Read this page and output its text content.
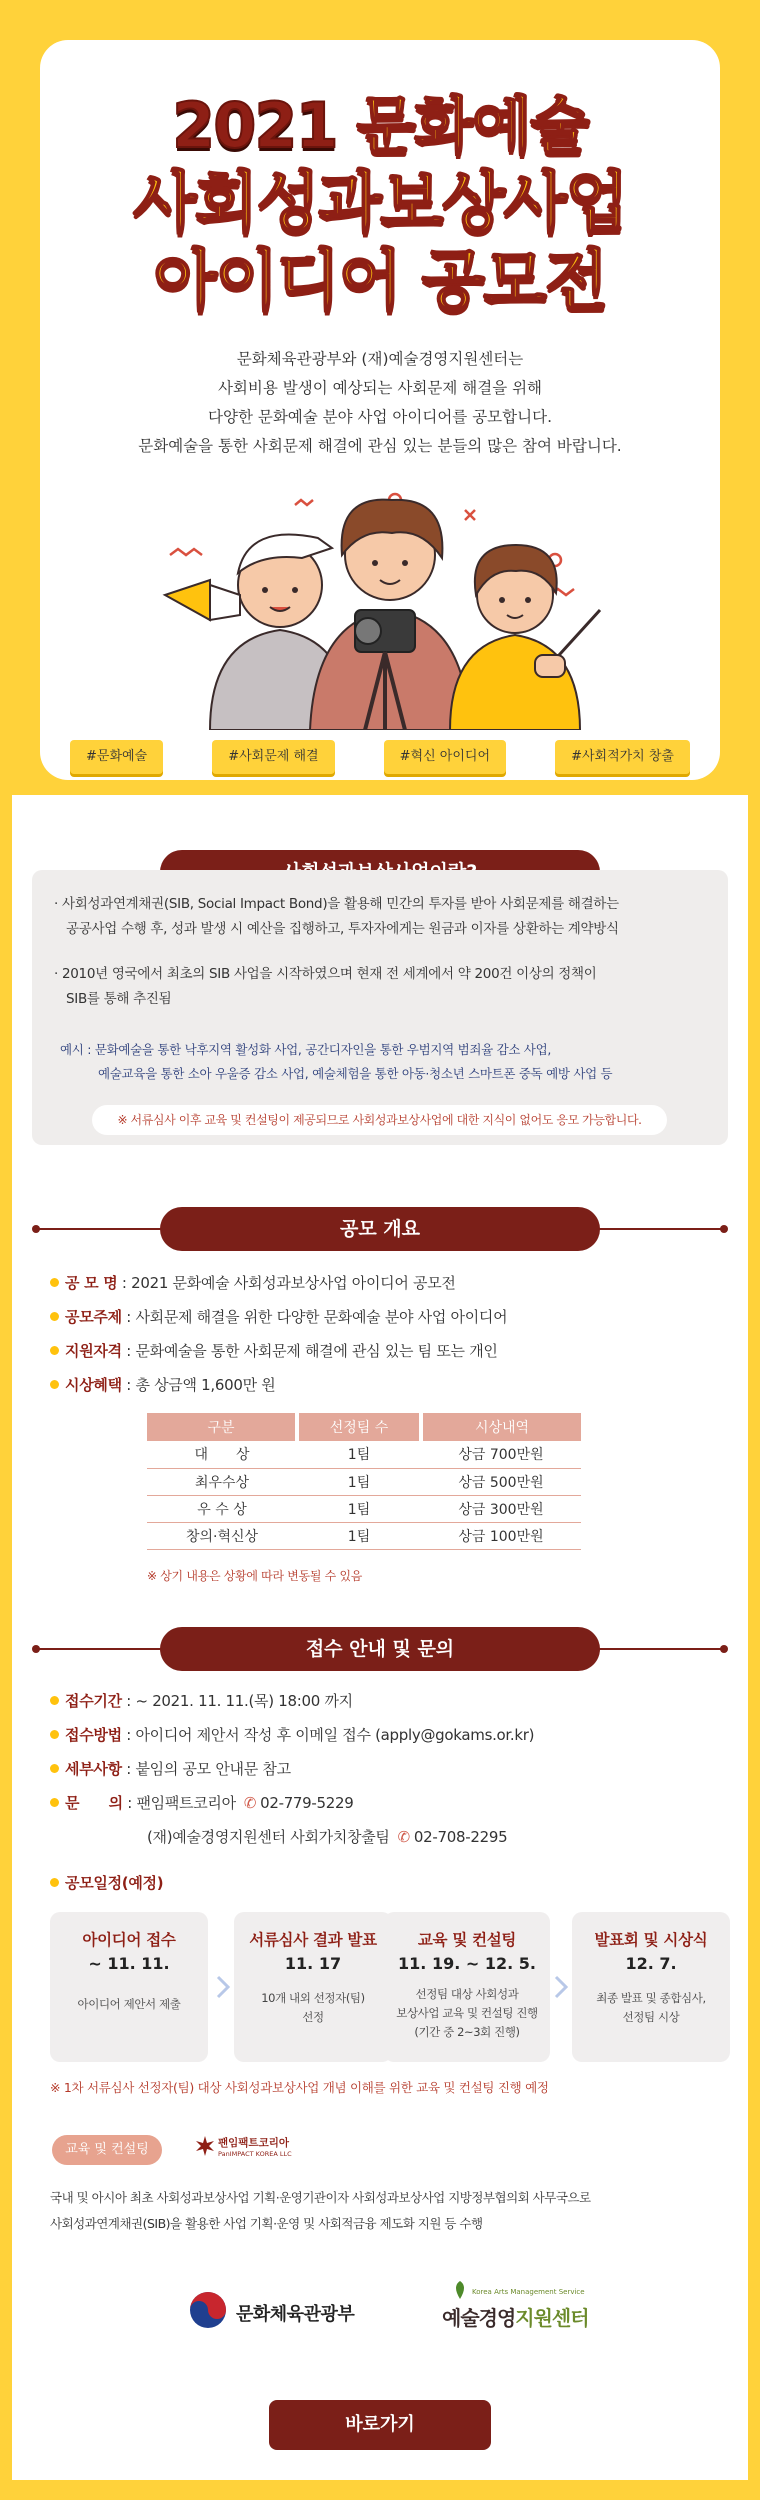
2021 문화예술
사회성과보상사업
아이디어 공모전
문화체육관광부와 (재)예술경영지원센터는
사회비용 발생이 예상되는 사회문제 해결을 위해
다양한 문화예술 분야 사업 아이디어를 공모합니다.
문화예술을 통한 사회문제 해결에 관심 있는 분들의 많은 참여 바랍니다.
#문화예술	#사회문제 해결	#혁신 아이디어	#사회적가치 창출
· 사회성과연계채권(SIB, Social Impact Bond)을 활용해 민간의 투자를 받아 사회문제를 해결하는
공공사업 수행 후, 성과 발생 시 예산을 집행하고, 투자자에게는 원금과 이자를 상환하는 계약방식
· 2010년 영국에서 최초의 SIB 사업을 시작하였으며 현재 전 세계에서 약 200건 이상의 정책이
SIB를 통해 추진됨
예시 : 문화예술을 통한 낙후지역 활성화 사업, 공간디자인을 통한 우범지역 범죄율 감소 사업,
예술교육을 통한 소아 우울증 감소 사업, 예술체험을 통한 아동·청소년 스마트폰 중독 예방 사업 등
※ 서류심사 이후 교육 및 컨설팅이 제공되므로 사회성과보상사업에 대한 지식이 없어도 응모 가능합니다.
공모 개요
공 모 명 : 2021 문화예술 사회성과보상사업 아이디어 공모전
공모주제 : 사회문제 해결을 위한 다양한 문화예술 분야 사업 아이디어
지원자격 : 문화예술을 통한 사회문제 해결에 관심 있는 팀 또는 개인
시상혜택 : 총 상금액 1,600만 원
구분	선정팀 수	시상내역
대　　상	1팀	상금 700만원
최우수상	1팀	상금 500만원
우 수 상	1팀	상금 300만원
창의·혁신상	1팀	상금 100만원
※ 상기 내용은 상황에 따라 변동될 수 있음
접수 안내 및 문의
접수기간 : ~ 2021. 11. 11.(목) 18:00 까지
접수방법 : 아이디어 제안서 작성 후 이메일 접수 (apply@gokams.or.kr)
세부사항 : 붙임의 공모 안내문 참고
문　　의 : 팬임팩트코리아 ✆ 02-779-5229
(재)예술경영지원센터 사회가치창출팀 ✆ 02-708-2295
공모일정(예정)
아이디어 접수
~ 11. 11.
아이디어 제안서 제출
서류심사 결과 발표
11. 17
10개 내외 선정자(팀)
선정
교육 및 컨설팅
11. 19. ~ 12. 5.
선정팀 대상 사회성과
보상사업 교육 및 컨설팅 진행
(기간 중 2~3회 진행)
발표회 및 시상식
12. 7.
최종 발표 및 종합심사,
선정팀 시상
※ 1차 서류심사 선정자(팀) 대상 사회성과보상사업 개념 이해를 위한 교육 및 컨설팅 진행 예정
교육 및 컨설팅	팬임팩트코리아
PanIMPACT KOREA LLC
국내 및 아시아 최초 사회성과보상사업 기획·운영기관이자 사회성과보상사업 지방정부협의회 사무국으로
사회성과연계채권(SIB)을 활용한 사업 기획·운영 및 사회적금융 제도화 지원 등 수행
문화체육관광부
Korea Arts Management Service
예술경영지원센터
바로가기
